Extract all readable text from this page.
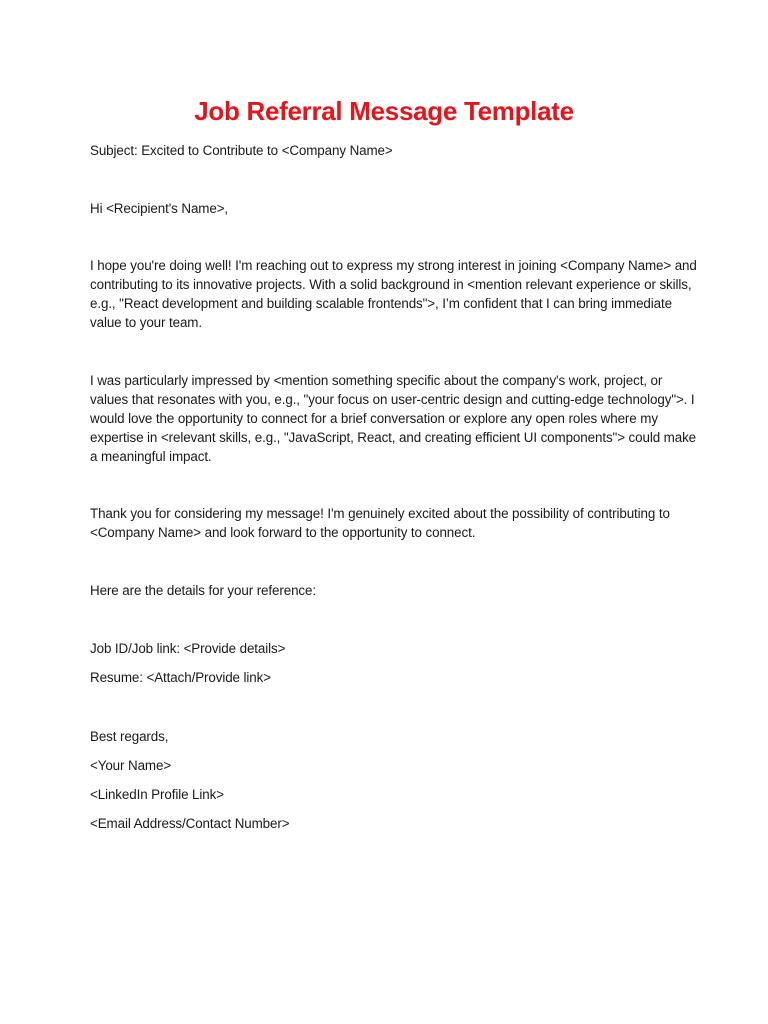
Job Referral Message Template
Subject: Excited to Contribute to <Company Name>
Hi <Recipient's Name>,
I hope you're doing well! I'm reaching out to express my strong interest in joining <Company Name> and
contributing to its innovative projects. With a solid background in <mention relevant experience or skills,
e.g., "React development and building scalable frontends">, I’m confident that I can bring immediate
value to your team.
I was particularly impressed by <mention something specific about the company's work, project, or
values that resonates with you, e.g., "your focus on user-centric design and cutting-edge technology">. I
would love the opportunity to connect for a brief conversation or explore any open roles where my
expertise in <relevant skills, e.g., "JavaScript, React, and creating efficient UI components"> could make
a meaningful impact.
Thank you for considering my message! I'm genuinely excited about the possibility of contributing to
<Company Name> and look forward to the opportunity to connect.
Here are the details for your reference:
Job ID/Job link: <Provide details>
Resume: <Attach/Provide link>
Best regards,
<Your Name>
<LinkedIn Profile Link>
<Email Address/Contact Number>
